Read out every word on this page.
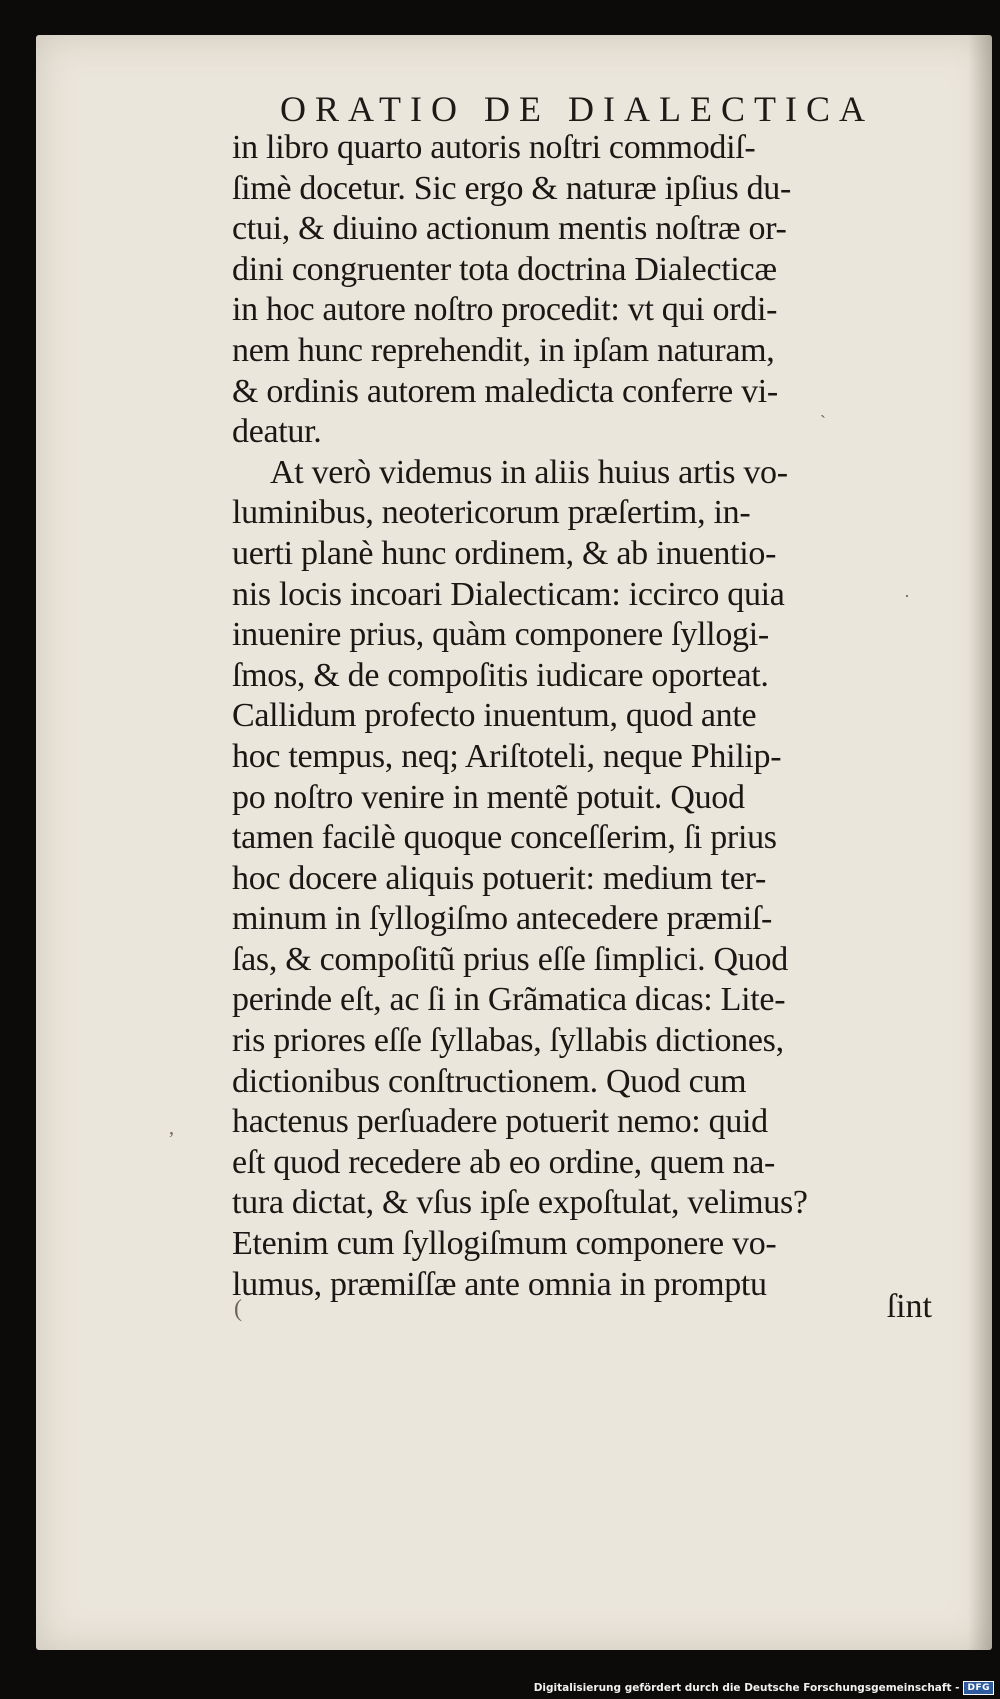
ORATIO DE DIALECTICA
in libro quarto autoris noſtri commodiſ-
ſimè docetur. Sic ergo & naturæ ipſius du-
ctui, & diuino actionum mentis noſtræ or-
dini congruenter tota doctrina Dialecticæ
in hoc autore noſtro procedit: vt qui ordi-
nem hunc reprehendit, in ipſam naturam,
& ordinis autorem maledicta conferre vi-
deatur.
At verò videmus in aliis huius artis vo-
luminibus, neotericorum præſertim, in-
uerti planè hunc ordinem, & ab inuentio-
nis locis incoari Dialecticam: iccirco quia
inuenire prius, quàm componere ſyllogi-
ſmos, & de compoſitis iudicare oporteat.
Callidum profecto inuentum, quod ante
hoc tempus, neq; Ariſtoteli, neque Philip-
po noſtro venire in mentẽ potuit. Quod
tamen facilè quoque conceſſerim, ſi prius
hoc docere aliquis potuerit: medium ter-
minum in ſyllogiſmo antecedere præmiſ-
ſas, & compoſitũ prius eſſe ſimplici. Quod
perinde eſt, ac ſi in Grãmatica dicas: Lite-
ris priores eſſe ſyllabas, ſyllabis dictiones,
dictionibus conſtructionem. Quod cum
hactenus perſuadere potuerit nemo: quid
eſt quod recedere ab eo ordine, quem na-
tura dictat, & vſus ipſe expoſtulat, velimus?
Etenim cum ſyllogiſmum componere vo-
lumus, præmiſſæ ante omnia in promptu
ſint
’
(
·
ˎ
Digitalisierung gefördert durch die Deutsche Forschungsgemeinschaft - DFG
